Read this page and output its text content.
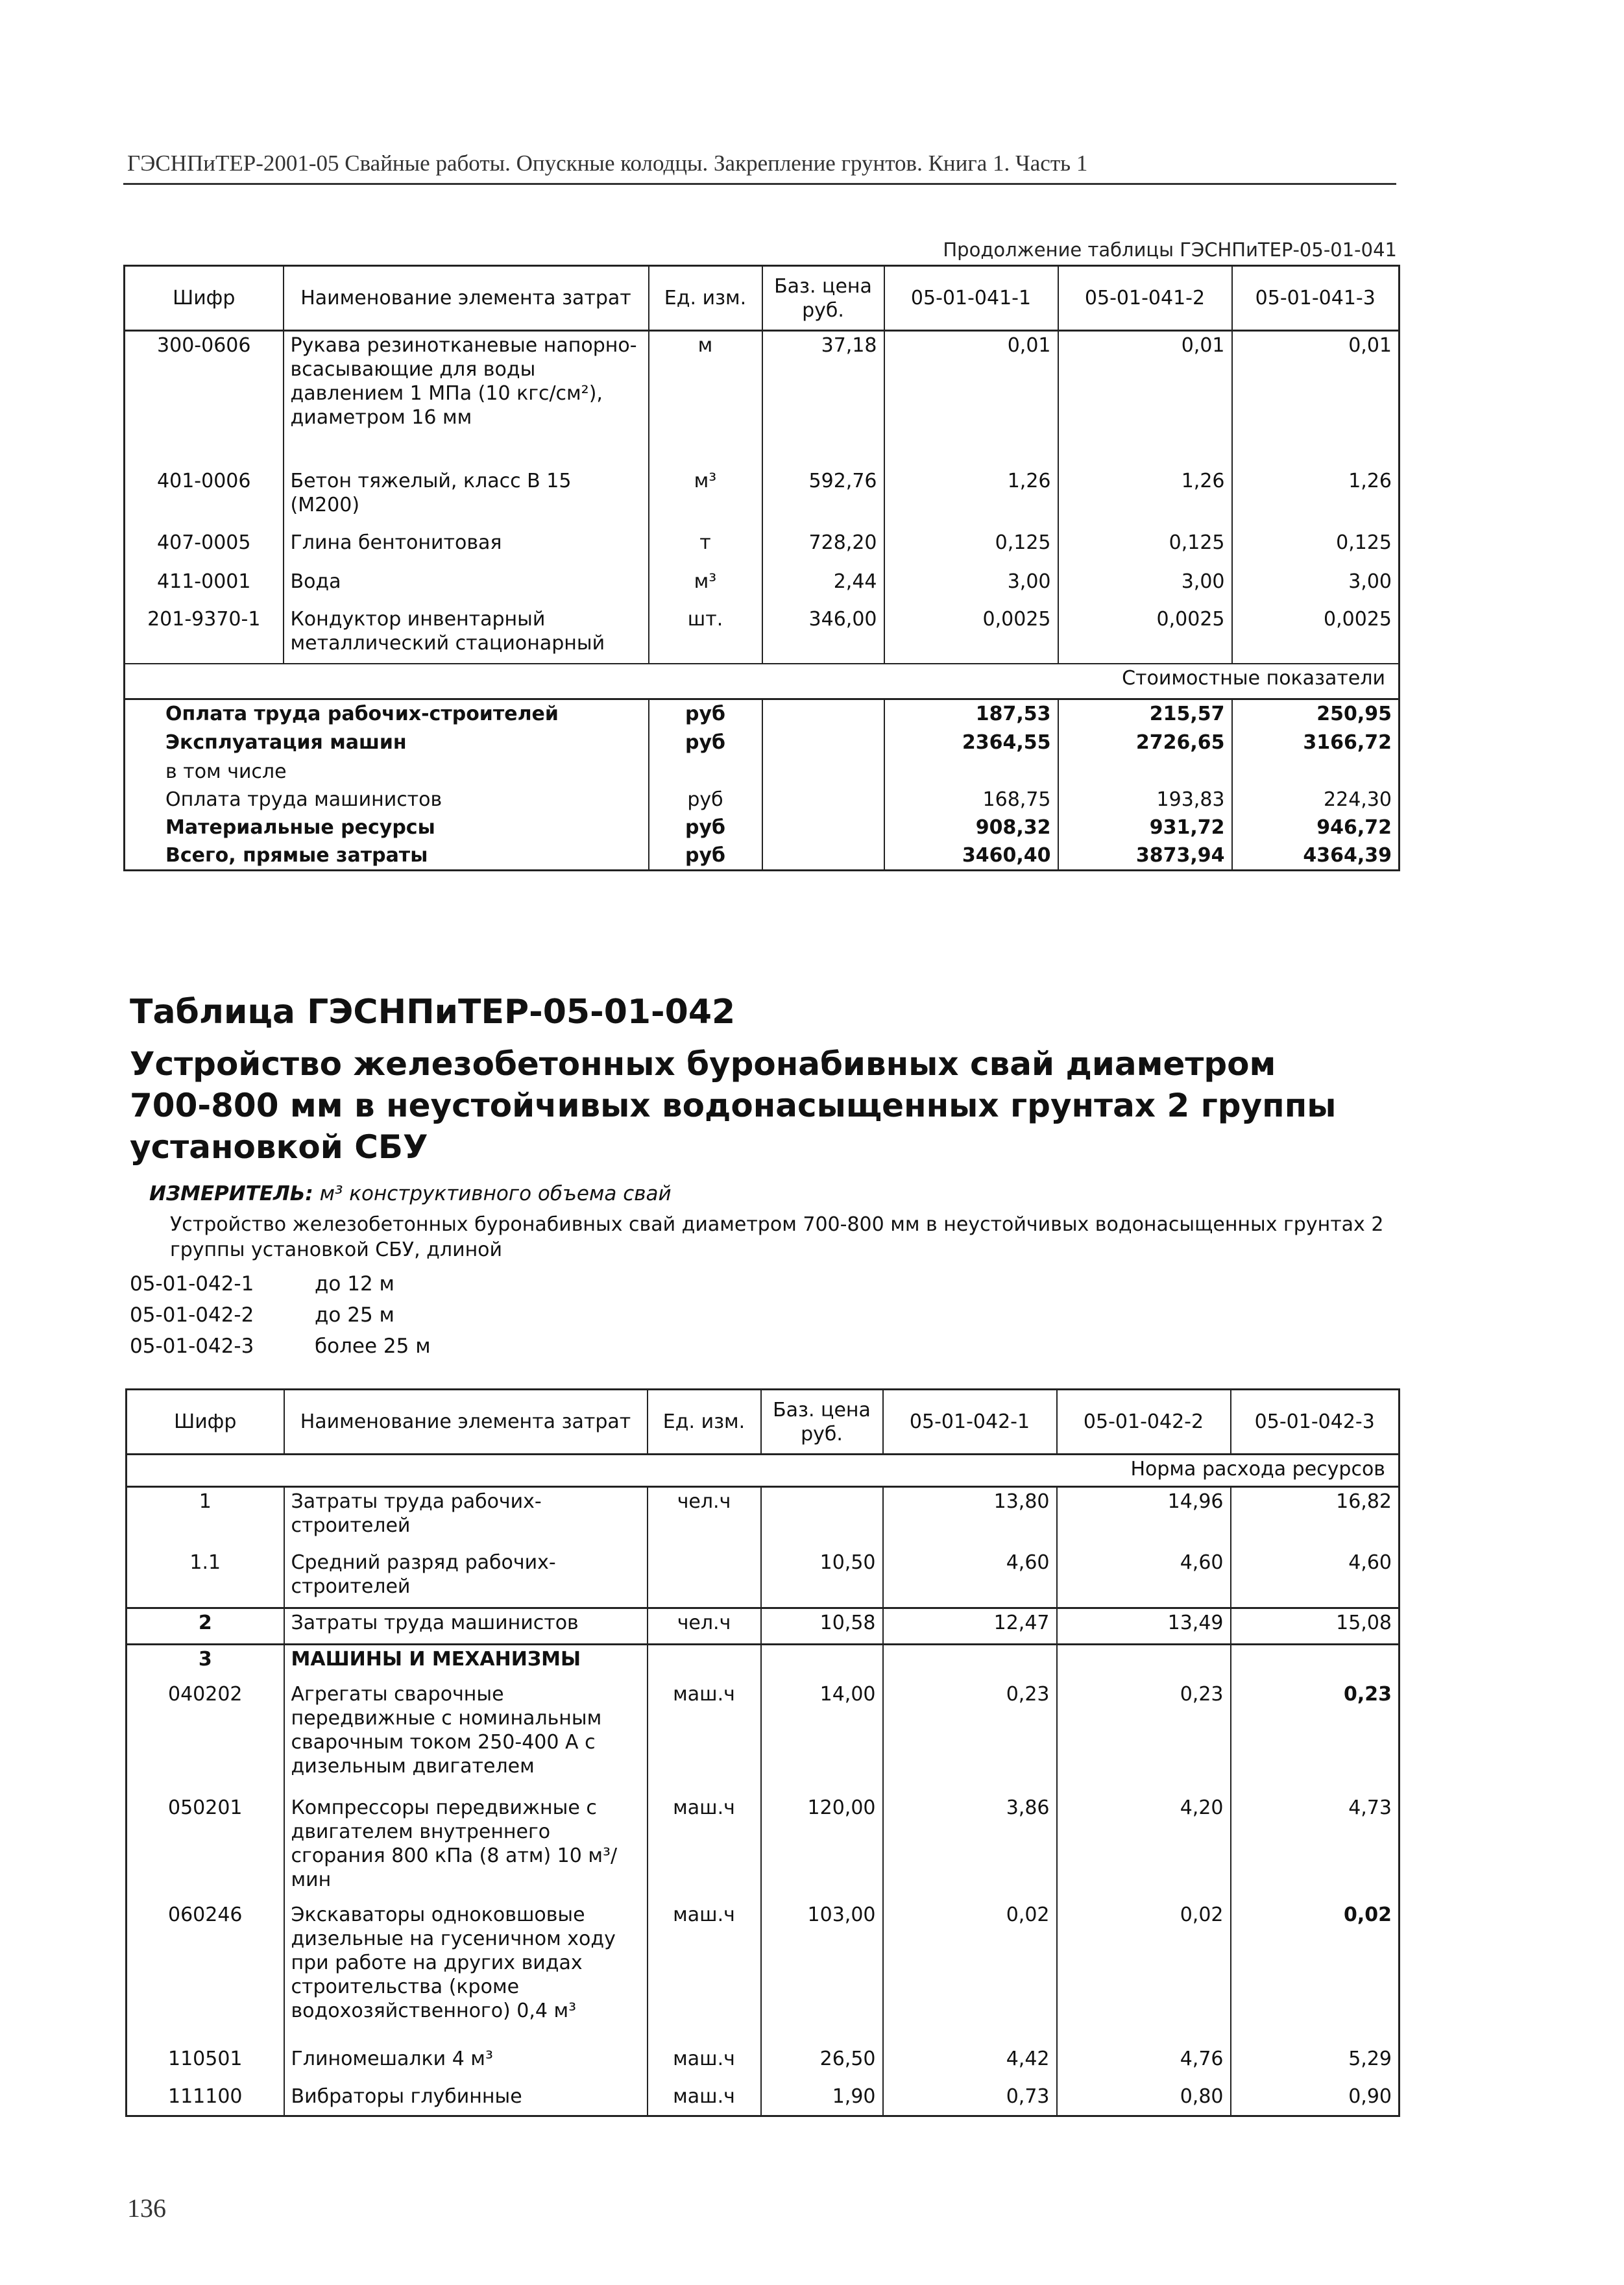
ГЭСНПиТЕР-2001-05 Свайные работы. Опускные колодцы. Закрепление грунтов. Книга 1. Часть 1
Продолжение таблицы ГЭСНПиТЕР-05-01-041
Шифр	Наименование элемента затрат	Ед. изм.	Баз. цена руб.	05-01-041-1	05-01-041-2	05-01-041-3
300-0606	Рукава резинотканевые напорно-всасывающие для воды давлением 1 МПа (10 кгс/см²), диаметром 16 мм	м	37,18	0,01	0,01	0,01
401-0006	Бетон тяжелый, класс В 15 (М200)	м³	592,76	1,26	1,26	1,26
407-0005	Глина бентонитовая	т	728,20	0,125	0,125	0,125
411-0001	Вода	м³	2,44	3,00	3,00	3,00
201-9370-1	Кондуктор инвентарный металлический стационарный	шт.	346,00	0,0025	0,0025	0,0025
Стоимостные показатели						
Оплата труда рабочих-строителей		руб		187,53	215,57	250,95
Эксплуатация машин		руб		2364,55	2726,65	3166,72
в том числе						
Оплата труда машинистов		руб		168,75	193,83	224,30
Материальные ресурсы		руб		908,32	931,72	946,72
Всего, прямые затраты		руб		3460,40	3873,94	4364,39
Таблица ГЭСНПиТЕР-05-01-042
Устройство железобетонных буронабивных свай диаметром 700-800 мм в неустойчивых водонасыщенных грунтах 2 группы установкой СБУ
ИЗМЕРИТЕЛЬ: м³ конструктивного объема свай
Устройство железобетонных буронабивных свай диаметром 700-800 мм в неустойчивых водонасыщенных грунтах 2 группы установкой СБУ, длиной
05-01-042-1	до 12 м
05-01-042-2	до 25 м
05-01-042-3	более 25 м
Шифр	Наименование элемента затрат	Ед. изм.	Баз. цена руб.	05-01-042-1	05-01-042-2	05-01-042-3
Норма расхода ресурсов						
1	Затраты труда рабочих-строителей	чел.ч		13,80	14,96	16,82
1.1	Средний разряд рабочих-строителей		10,50	4,60	4,60	4,60
2	Затраты труда машинистов	чел.ч	10,58	12,47	13,49	15,08
3	МАШИНЫ И МЕХАНИЗМЫ					
040202	Агрегаты сварочные передвижные с номинальным сварочным током 250-400 А с дизельным двигателем	маш.ч	14,00	0,23	0,23	0,23
050201	Компрессоры передвижные с двигателем внутреннего сгорания 800 кПа (8 атм) 10 м³/мин	маш.ч	120,00	3,86	4,20	4,73
060246	Экскаваторы одноковшовые дизельные на гусеничном ходу при работе на других видах строительства (кроме водохозяйственного) 0,4 м³	маш.ч	103,00	0,02	0,02	0,02
110501	Глиномешалки 4 м³	маш.ч	26,50	4,42	4,76	5,29
111100	Вибраторы глубинные	маш.ч	1,90	0,73	0,80	0,90
136
